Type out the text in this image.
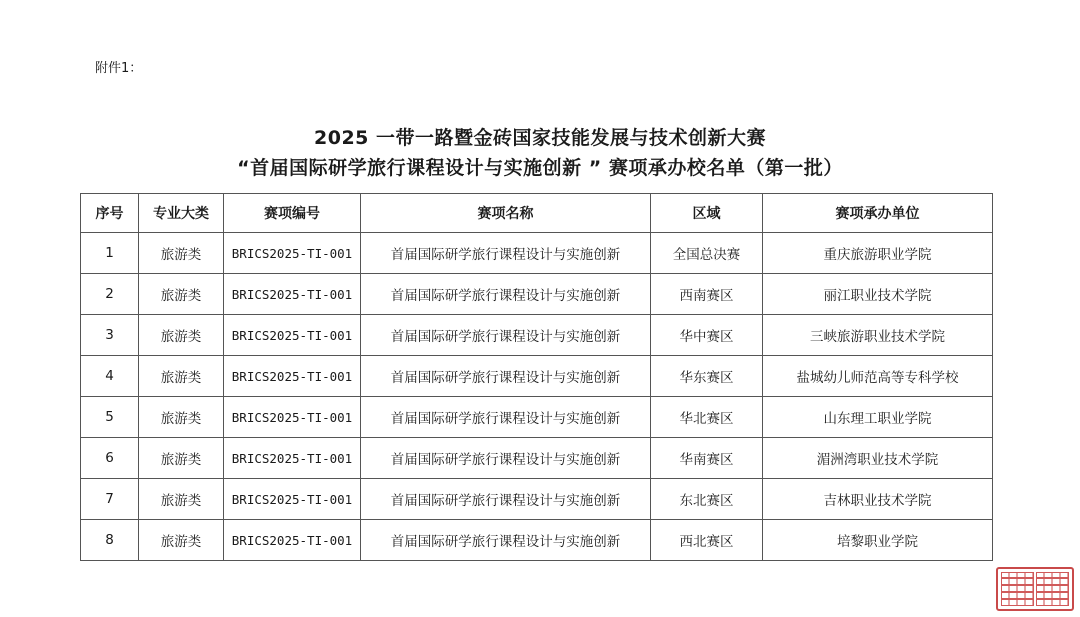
附件1：
2025 一带一路暨金砖国家技能发展与技术创新大赛
“首届国际研学旅行课程设计与实施创新 ” 赛项承办校名单（第一批）
序号	专业大类	赛项编号	赛项名称	区域	赛项承办单位
1	旅游类	BRICS2025-TI-001	首届国际研学旅行课程设计与实施创新	全国总决赛	重庆旅游职业学院
2	旅游类	BRICS2025-TI-001	首届国际研学旅行课程设计与实施创新	西南赛区	丽江职业技术学院
3	旅游类	BRICS2025-TI-001	首届国际研学旅行课程设计与实施创新	华中赛区	三峡旅游职业技术学院
4	旅游类	BRICS2025-TI-001	首届国际研学旅行课程设计与实施创新	华东赛区	盐城幼儿师范高等专科学校
5	旅游类	BRICS2025-TI-001	首届国际研学旅行课程设计与实施创新	华北赛区	山东理工职业学院
6	旅游类	BRICS2025-TI-001	首届国际研学旅行课程设计与实施创新	华南赛区	湄洲湾职业技术学院
7	旅游类	BRICS2025-TI-001	首届国际研学旅行课程设计与实施创新	东北赛区	吉林职业技术学院
8	旅游类	BRICS2025-TI-001	首届国际研学旅行课程设计与实施创新	西北赛区	培黎职业学院
